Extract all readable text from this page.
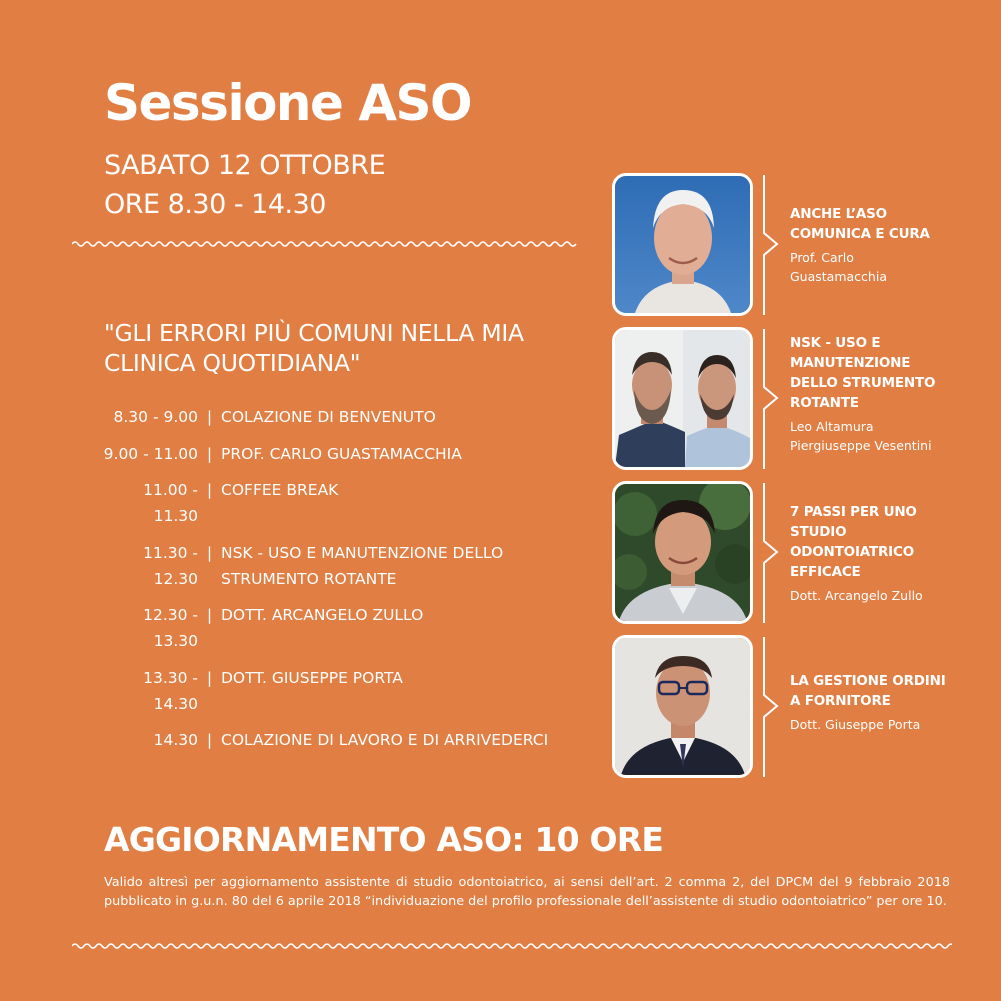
Sessione ASO
SABATO 12 OTTOBRE
ORE 8.30 - 14.30
"GLI ERRORI PIÙ COMUNI NELLA MIA CLINICA QUOTIDIANA"
8.30 - 9.00 | COLAZIONE DI BENVENUTO
9.00 - 11.00 | PROF. CARLO GUASTAMACCHIA
11.00 - 11.30
| COFFEE BREAK
11.30 - 12.30
| NSK - USO E MANUTENZIONE DELLO STRUMENTO ROTANTE
12.30 - 13.30
| DOTT. ARCANGELO ZULLO
13.30 - 14.30
| DOTT. GIUSEPPE PORTA
14.30 | COLAZIONE DI LAVORO E DI ARRIVEDERCI
ANCHE L’ASO COMUNICA E CURA
Prof. Carlo Guastamacchia
NSK - USO E MANUTENZIONE DELLO STRUMENTO ROTANTE
Leo Altamura
Piergiuseppe Vesentini
7 PASSI PER UNO STUDIO ODONTOIATRICO EFFICACE
Dott. Arcangelo Zullo
LA GESTIONE ORDINI A FORNITORE
Dott. Giuseppe Porta
AGGIORNAMENTO ASO: 10 ORE
Valido altresì per aggiornamento assistente di studio odontoiatrico, ai sensi dell’art. 2 comma 2, del DPCM del 9 febbraio 2018 pubblicato in g.u.n. 80 del 6 aprile 2018 “individuazione del profilo professionale dell’assistente di studio odontoiatrico” per ore 10.
